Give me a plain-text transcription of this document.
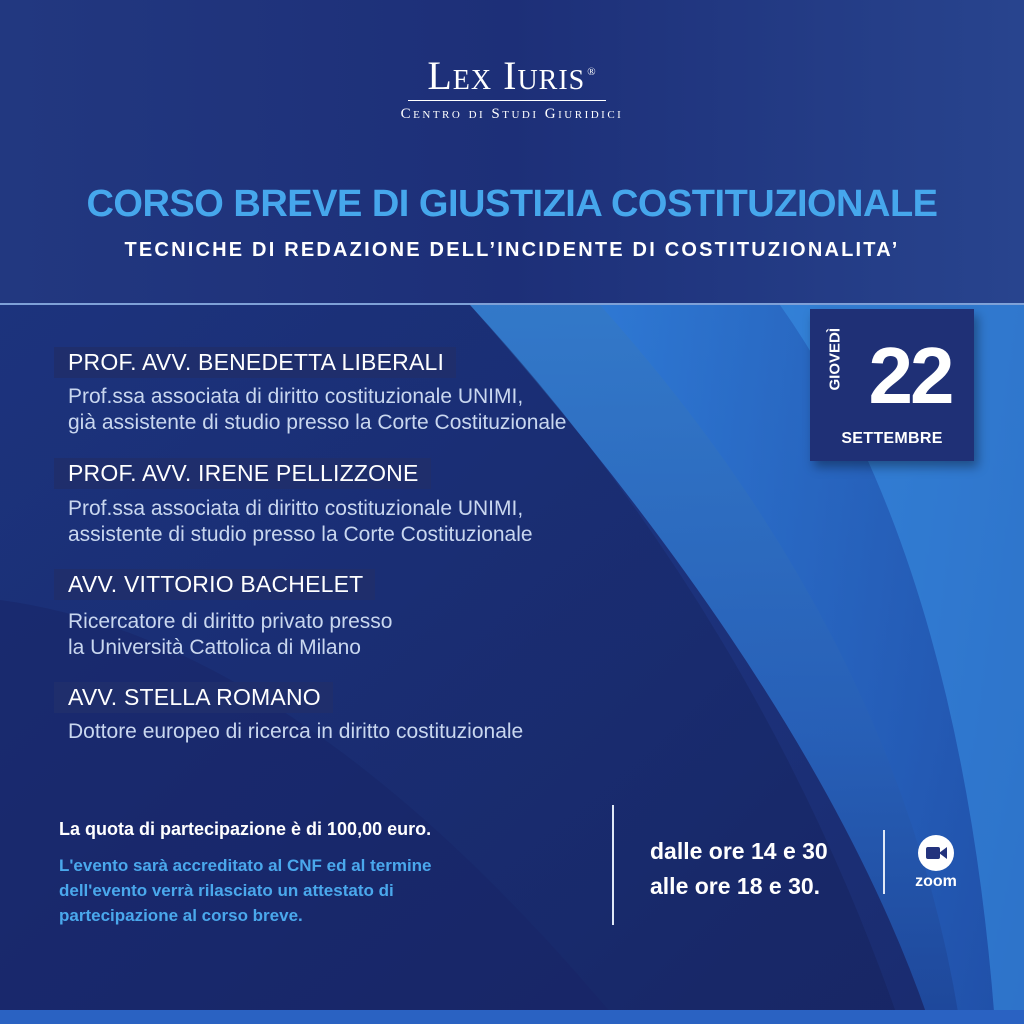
Lex Iuris ®
Centro di Studi Giuridici
CORSO BREVE DI GIUSTIZIA COSTITUZIONALE
TECNICHE DI REDAZIONE DELL’INCIDENTE DI COSTITUZIONALITA’
PROF. AVV. BENEDETTA LIBERALI
Prof.ssa associata di diritto costituzionale UNIMI,
già assistente di studio presso la Corte Costituzionale
PROF. AVV. IRENE PELLIZZONE
Prof.ssa associata di diritto costituzionale UNIMI,
assistente di studio presso la Corte Costituzionale
AVV. VITTORIO BACHELET
Ricercatore di diritto privato presso
la Università Cattolica di Milano
AVV. STELLA ROMANO
Dottore europeo di ricerca in diritto costituzionale
GIOVEDÌ 22
SETTEMBRE
La quota di partecipazione è di 100,00 euro.
L'evento sarà accreditato al CNF ed al termine
dell'evento verrà rilasciato un attestato di
partecipazione al corso breve.
dalle ore 14 e 30
alle ore 18 e 30.	zoom
